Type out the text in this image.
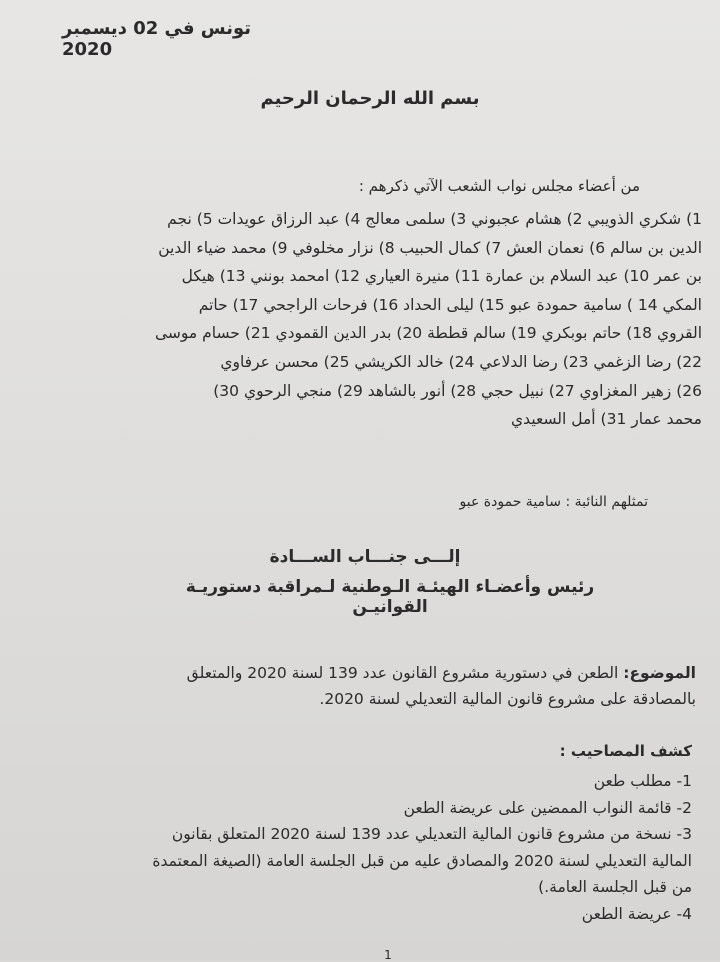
تونس في 02 ديسمبر 2020
بسم الله الرحمان الرحيم
من أعضاء مجلس نواب الشعب الآتي ذكرهم :

1) شكري الذويبي 2) هشام عجبوني 3) سلمى معالج 4) عبد الرزاق عويدات 5) نجم

الدين بن سالم 6) نعمان العش 7) كمال الحبيب 8) نزار مخلوفي 9) محمد ضياء الدين

بن عمر 10) عبد السلام بن عمارة 11) منيرة العياري 12) امحمد بونني 13) هيكل

المكي 14 ) سامية حمودة عبو 15) ليلى الحداد 16) فرحات الراجحي 17) حاتم

القروي 18) حاتم بوبكري 19) سالم قططة 20) بدر الدين القمودي 21) حسام موسى

22) رضا الزغمي 23) رضا الدلاعي 24) خالد الكريشي 25) محسن عرفاوي

26) زهير المغزاوي 27) نبيل حجي 28) أنور بالشاهد 29) منجي الرحوي 30)

محمد عمار 31) أمل السعيدي

تمثلهم النائبة : سامية حمودة عبو
إلـــى جنـــاب الســـادة
رئيس وأعضـاء الهيئـة الـوطنية لـمراقبة دستوريـة القوانيـن

الموضوع: الطعن في دستورية مشروع القانون عدد 139 لسنة 2020 والمتعلق

بالمصادقة على مشروع قانون المالية التعديلي لسنة 2020.

كشف المصاحيب :

1- مطلب طعن

2- قائمة النواب الممضين على عريضة الطعن

3- نسخة من مشروع قانون المالية التعديلي عدد 139 لسنة 2020 المتعلق بقانون

المالية التعديلي لسنة 2020 والمصادق عليه من قبل الجلسة العامة (الصيغة المعتمدة

من قبل الجلسة العامة.)

4- عريضة الطعن

1
